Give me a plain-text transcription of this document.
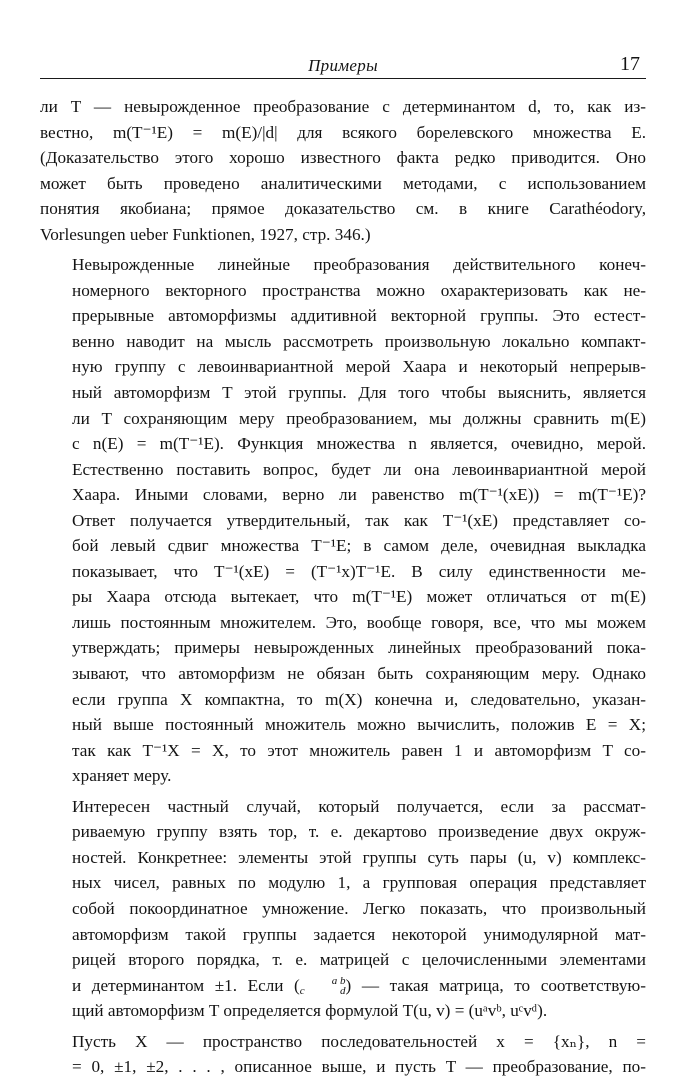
Примеры	17

ли T — невырожденное преобразование с детерминантом d, то, как из-
вестно, m(T⁻¹E) = m(E)/|d| для всякого борелевского множества E.
(Доказательство этого хорошо известного факта редко приводится. Оно
может быть проведено аналитическими методами, с использованием
понятия якобиана; прямое доказательство см. в книге Carathéodory,
Vorlesungen ueber Funktionen, 1927, стр. 346.)

Невырожденные линейные преобразования действительного конеч-
номерного векторного пространства можно охарактеризовать как не-
прерывные автоморфизмы аддитивной векторной группы. Это естест-
венно наводит на мысль рассмотреть произвольную локально компакт-
ную группу с левоинвариантной мерой Хаара и некоторый непрерыв-
ный автоморфизм T этой группы. Для того чтобы выяснить, является
ли T сохраняющим меру преобразованием, мы должны сравнить m(E)
с n(E) = m(T⁻¹E). Функция множества n является, очевидно, мерой.
Естественно поставить вопрос, будет ли она левоинвариантной мерой
Хаара. Иными словами, верно ли равенство m(T⁻¹(xE)) = m(T⁻¹E)?
Ответ получается утвердительный, так как T⁻¹(xE) представляет со-
бой левый сдвиг множества T⁻¹E; в самом деле, очевидная выкладка
показывает, что T⁻¹(xE) = (T⁻¹x)T⁻¹E. В силу единственности ме-
ры Хаара отсюда вытекает, что m(T⁻¹E) может отличаться от m(E)
лишь постоянным множителем. Это, вообще говоря, все, что мы можем
утверждать; примеры невырожденных линейных преобразований пока-
зывают, что автоморфизм не обязан быть сохраняющим меру. Однако
если группа X компактна, то m(X) конечна и, следовательно, указан-
ный выше постоянный множитель можно вычислить, положив E = X;
так как T⁻¹X = X, то этот множитель равен 1 и автоморфизм T со-
храняет меру.

Интересен частный случай, который получается, если за рассмат-
риваемую группу взять тор, т. е. декартово произведение двух окруж-
ностей. Конкретнее: элементы этой группы суть пары (u, v) комплекс-
ных чисел, равных по модулю 1, а групповая операция представляет
собой покоординатное умножение. Легко показать, что произвольный
автоморфизм такой группы задается некоторой унимодулярной мат-
рицей второго порядка, т. е. матрицей с целочисленными элементами
и детерминантом ±1. Если (	a b
c d) — такая матрица, то соответствую-
щий автоморфизм T определяется формулой T(u, v) = (uᵃvᵇ, uᶜvᵈ).

Пусть X — пространство последовательностей x = {xₙ}, n =
= 0, ±1, ±2, . . . , описанное выше, и пусть T — преобразование, по-
